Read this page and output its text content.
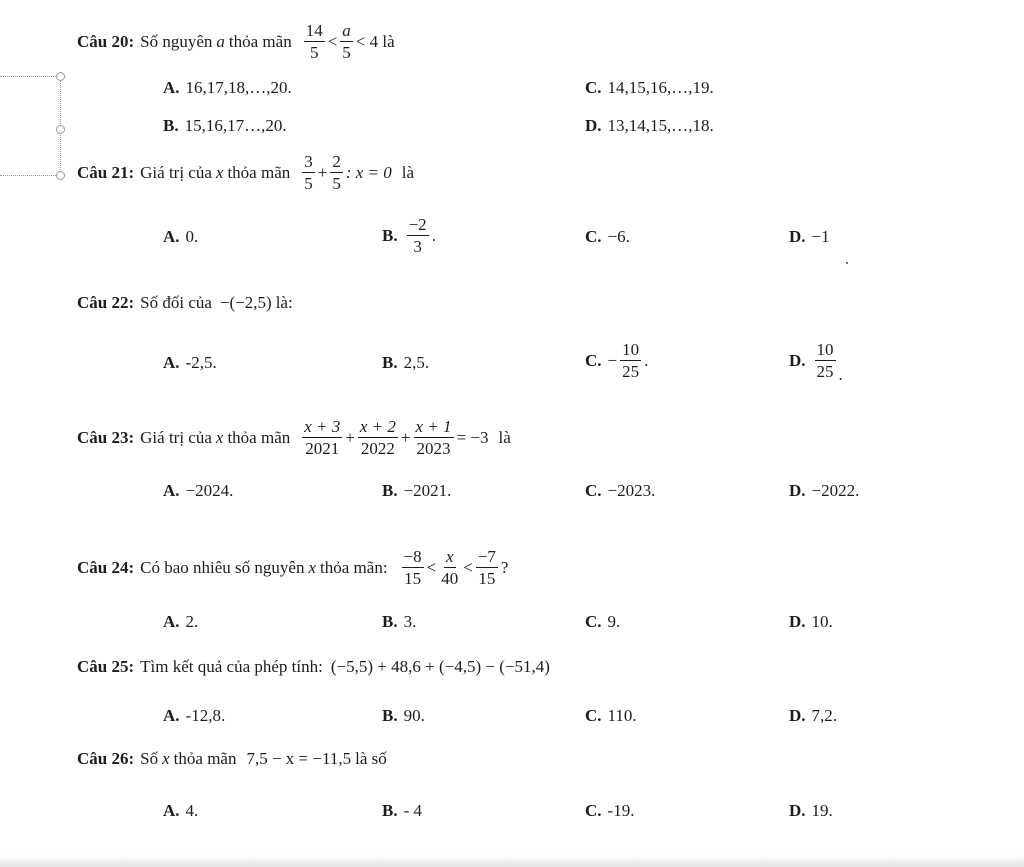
Câu 20: Số nguyên a thỏa mãn $\frac{14}{5} < \frac{a}{5} < 4$ là
A. 16,17,18,…,20.	C. 14,15,16,…,19.
B. 15,16,17…,20.	D. 13,14,15,…,18.
Câu 21: Giá trị của x thỏa mãn $\frac{3}{5} + \frac{2}{5}$ : x = 0 là
A. 0.	B. $\frac{-2}{3}$ .	C. −6.	D. −1
Câu 22: Số đối của −(−2,5) là:
A. -2,5.	B. 2,5.	C. − $\frac{10}{25}$ .	D. $\frac{10}{25}$ .
Câu 23: Giá trị của x thỏa mãn $\frac{x + 3}{2021} + \frac{x + 2}{2022} + \frac{x + 1}{2023} = -3$ là
A. −2024.	B. −2021.	C. −2023.	D. −2022.
Câu 24: Có bao nhiêu số nguyên x thỏa mãn: $\frac{-8}{15} < \frac{x}{40} < \frac{-7}{15}$ ?
A. 2.	B. 3.	C. 9.	D. 10.
Câu 25: Tìm kết quả của phép tính: (−5,5) + 48,6 + (−4,5) − (−51,4)
A. -12,8.	B. 90.	C. 110.	D. 7,2.
Câu 26: Số x thỏa mãn 7,5 − x = −11,5 là số
A. 4.	B. - 4	C. -19.	D. 19.
